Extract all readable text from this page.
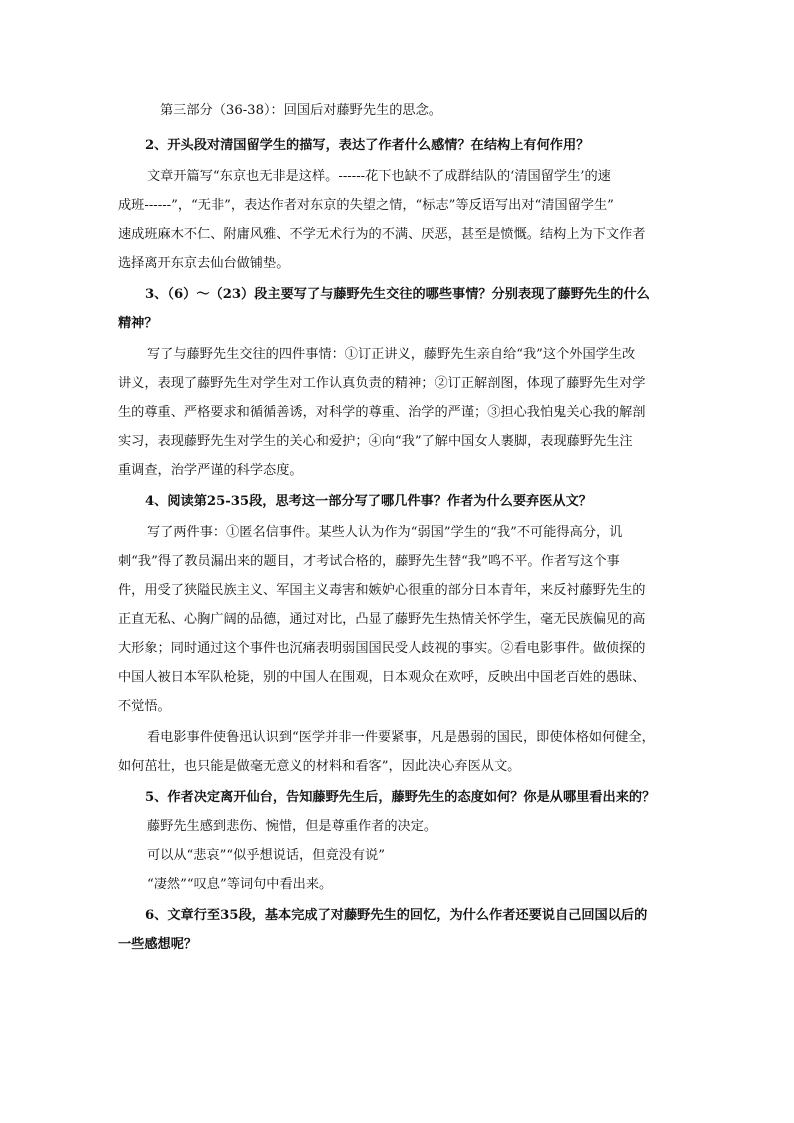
第三部分（36-38）：回国后对藤野先生的思念。
2、开头段对清国留学生的描写，表达了作者什么感情？在结构上有何作用？
文章开篇写“东京也无非是这样。------花下也缺不了成群结队的‘清国留学生’的速
成班------”，“无非”，表达作者对东京的失望之情，“标志”等反语写出对“清国留学生”
速成班麻木不仁、附庸风雅、不学无术行为的不满、厌恶，甚至是愤慨。结构上为下文作者
选择离开东京去仙台做铺垫。
3、（6）～（23）段主要写了与藤野先生交往的哪些事情？分别表现了藤野先生的什么
精神？
写了与藤野先生交往的四件事情：①订正讲义，藤野先生亲自给“我”这个外国学生改
讲义，表现了藤野先生对学生对工作认真负责的精神；②订正解剖图，体现了藤野先生对学
生的尊重、严格要求和循循善诱，对科学的尊重、治学的严谨；③担心我怕鬼关心我的解剖
实习，表现藤野先生对学生的关心和爱护；④向“我”了解中国女人裹脚，表现藤野先生注
重调查，治学严谨的科学态度。
4、阅读第25-35段，思考这一部分写了哪几件事？作者为什么要弃医从文？
写了两件事：①匿名信事件。某些人认为作为“弱国”学生的“我”不可能得高分，讥
刺“我”得了教员漏出来的题目，才考试合格的，藤野先生替“我”鸣不平。作者写这个事
件，用受了狭隘民族主义、军国主义毒害和嫉妒心很重的部分日本青年，来反衬藤野先生的
正直无私、心胸广阔的品德，通过对比，凸显了藤野先生热情关怀学生，毫无民族偏见的高
大形象；同时通过这个事件也沉痛表明弱国国民受人歧视的事实。②看电影事件。做侦探的
中国人被日本军队枪毙，别的中国人在围观，日本观众在欢呼，反映出中国老百姓的愚昧、
不觉悟。
看电影事件使鲁迅认识到“医学并非一件要紧事，凡是愚弱的国民，即使体格如何健全，
如何茁壮，也只能是做毫无意义的材料和看客”，因此决心弃医从文。
5、作者决定离开仙台，告知藤野先生后，藤野先生的态度如何？你是从哪里看出来的？
藤野先生感到悲伤、惋惜，但是尊重作者的决定。
可以从“悲哀”“似乎想说话，但竟没有说”
“凄然”“叹息”等词句中看出来。
6、文章行至35段，基本完成了对藤野先生的回忆，为什么作者还要说自己回国以后的
一些感想呢？
